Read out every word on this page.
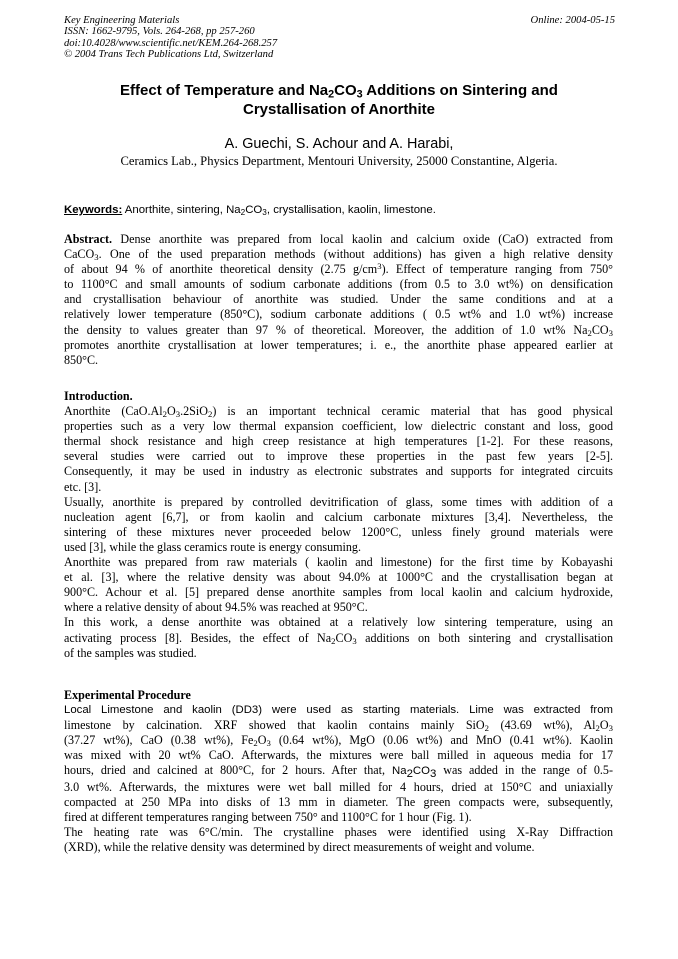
Key Engineering Materials
ISSN: 1662-9795, Vols. 264-268, pp 257-260
doi:10.4028/www.scientific.net/KEM.264-268.257
© 2004 Trans Tech Publications Ltd, Switzerland
Online: 2004-05-15
Effect of Temperature and $Na_2CO_3$ Additions on Sintering and
Crystallisation of Anorthite
A. Guechi, S. Achour and A. Harabi,
Ceramics Lab., Physics Department, Mentouri University, 25000 Constantine, Algeria.
Keywords: Anorthite, sintering, $Na_2CO_3$, crystallisation, kaolin, limestone.
Abstract. Dense anorthite was prepared from local kaolin and calcium oxide (CaO) extracted from
CaCO$_3$. One of the used preparation methods (without additions) has given a high relative density
of about 94 % of anorthite theoretical density (2.75 $g/cm^3$). Effect of temperature ranging from 750°
to 1100°C and small amounts of sodium carbonate additions (from 0.5 to 3.0 wt%) on densification
and crystallisation behaviour of anorthite was studied. Under the same conditions and at a
relatively lower temperature (850°C), sodium carbonate additions ( 0.5 wt% and 1.0 wt%) increase
the density to values greater than 97 % of theoretical. Moreover, the addition of 1.0 wt% $Na_2CO_3$
promotes anorthite crystallisation at lower temperatures; i. e., the anorthite phase appeared earlier at
850°C.
Introduction.
Anorthite $(CaO.Al_2O_3.2SiO_2)$ is an important technical ceramic material that has good physical
properties such as a very low thermal expansion coefficient, low dielectric constant and loss, good
thermal shock resistance and high creep resistance at high temperatures [1-2]. For these reasons,
several studies were carried out to improve these properties in the past few years [2-5].
Consequently, it may be used in industry as electronic substrates and supports for integrated circuits
etc. [3].
Usually, anorthite is prepared by controlled devitrification of glass, some times with addition of a
nucleation agent [6,7], or from kaolin and calcium carbonate mixtures [3,4]. Nevertheless, the
sintering of these mixtures never proceeded below 1200°C, unless finely ground materials were
used [3], while the glass ceramics route is energy consuming.
Anorthite was prepared from raw materials ( kaolin and limestone) for the first time by Kobayashi
et al. [3], where the relative density was about 94.0% at 1000°C and the crystallisation began at
900°C. Achour et al. [5] prepared dense anorthite samples from local kaolin and calcium hydroxide,
where a relative density of about 94.5% was reached at 950°C.
In this work, a dense anorthite was obtained at a relatively low sintering temperature, using an
activating process [8]. Besides, the effect of $Na_2CO_3$ additions on both sintering and crystallisation
of the samples was studied.
Experimental Procedure
Local Limestone and kaolin (DD3) were used as starting materials. Lime was extracted from
limestone by calcination. XRF showed that kaolin contains mainly SiO$_2$ (43.69 wt%), $Al_2O_3$
(37.27 wt%), CaO (0.38 wt%), $Fe_2O_3$ (0.64 wt%), MgO (0.06 wt%) and MnO (0.41 wt%). Kaolin
was mixed with 20 wt% CaO. Afterwards, the mixtures were ball milled in aqueous media for 17
hours, dried and calcined at 800°C, for 2 hours. After that, Na2CO3 was added in the range of 0.5-
3.0 wt%. Afterwards, the mixtures were wet ball milled for 4 hours, dried at 150°C and uniaxially
compacted at 250 MPa into disks of 13 mm in diameter. The green compacts were, subsequently,
fired at different temperatures ranging between 750° and 1100°C for 1 hour (Fig. 1).
The heating rate was 6°C/min. The crystalline phases were identified using X-Ray Diffraction
(XRD), while the relative density was determined by direct measurements of weight and volume.
